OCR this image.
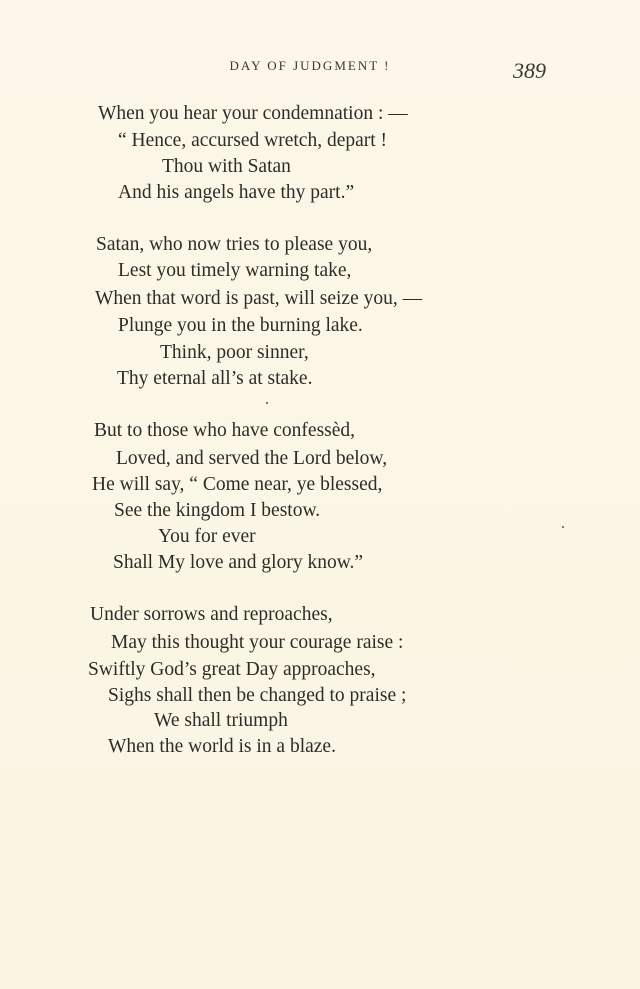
DAY OF JUDGMENT !	389
When you hear your condemnation : —
“ Hence, accursed wretch, depart !
Thou with Satan
And his angels have thy part.”
Satan, who now tries to please you,
Lest you timely warning take,
When that word is past, will seize you, —
Plunge you in the burning lake.
Think, poor sinner,
Thy eternal all’s at stake.
But to those who have confessèd,
Loved, and served the Lord below,
He will say, “ Come near, ye blessed,
See the kingdom I bestow.
You for ever
Shall My love and glory know.”
Under sorrows and reproaches,
May this thought your courage raise :
Swiftly God’s great Day approaches,
Sighs shall then be changed to praise ;
We shall triumph
When the world is in a blaze.
